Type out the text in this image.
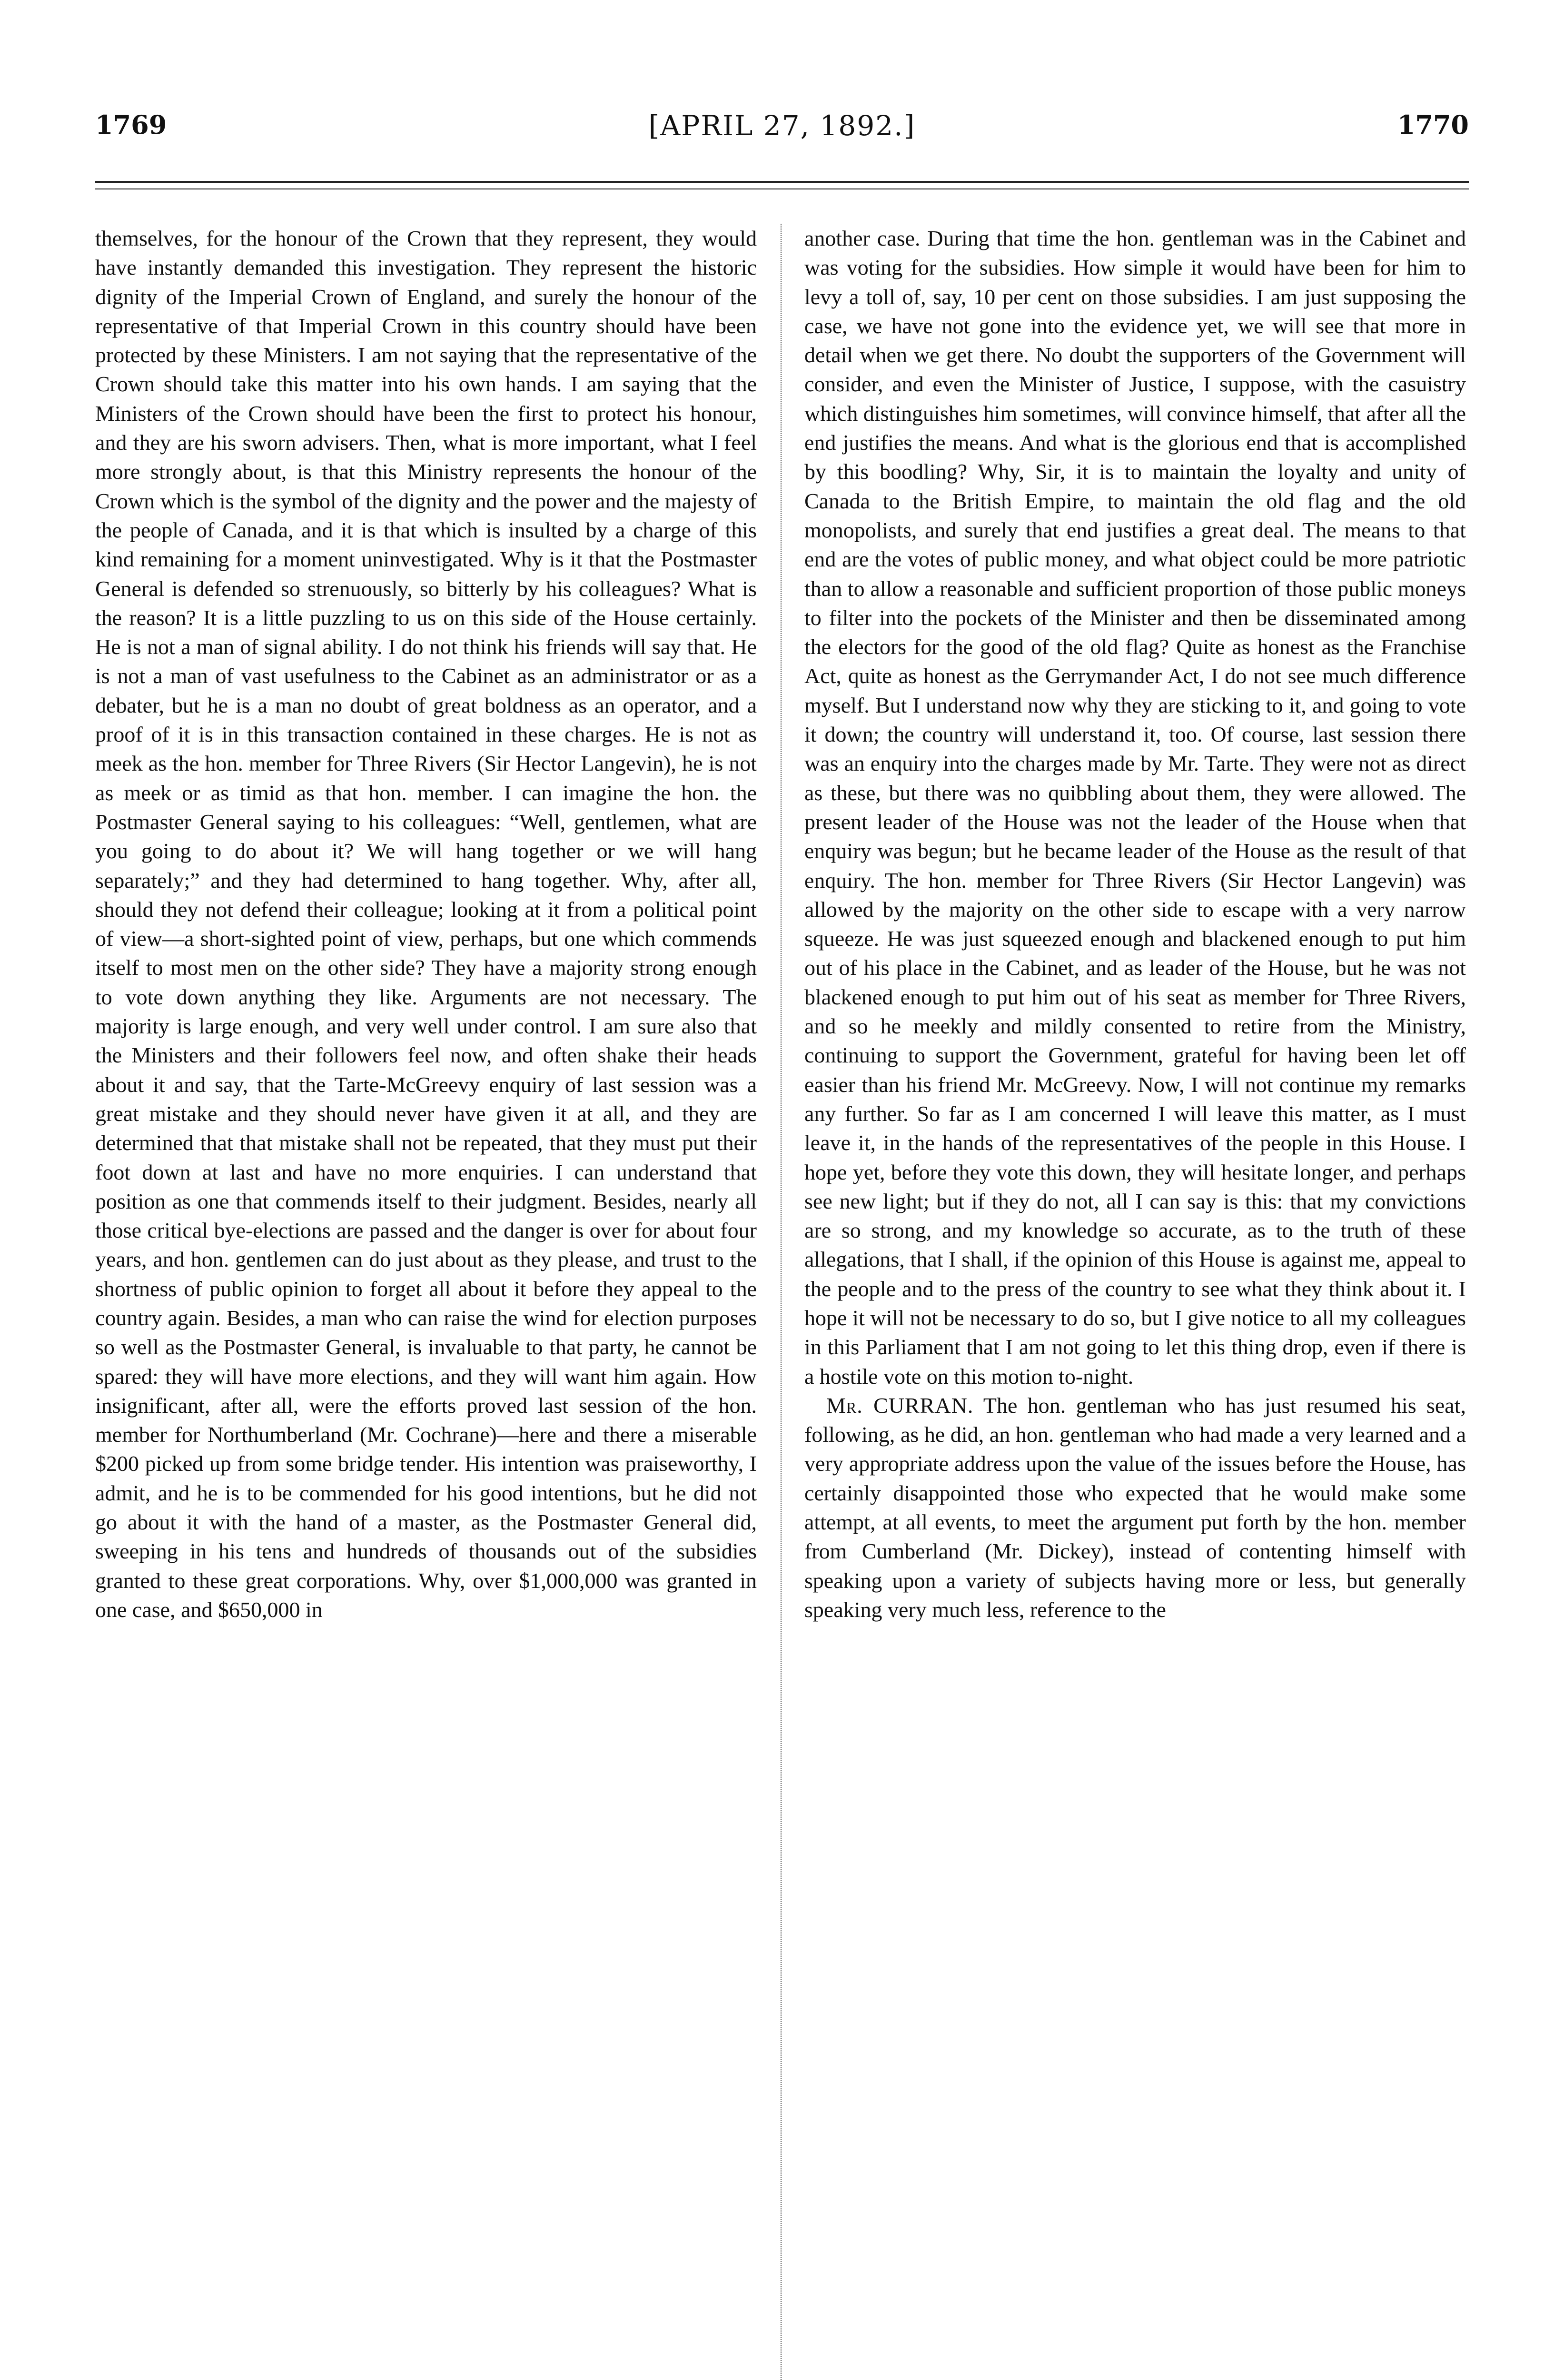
1769	[APRIL 27, 1892.]	1770

themselves, for the honour of the Crown that they represent, they would have instantly demanded this investigation. They represent the historic dignity of the Imperial Crown of England, and surely the honour of the representative of that Imperial Crown in this country should have been protected by these Ministers. I am not saying that the representative of the Crown should take this matter into his own hands. I am saying that the Ministers of the Crown should have been the first to protect his honour, and they are his sworn advisers. Then, what is more important, what I feel more strongly about, is that this Ministry represents the honour of the Crown which is the symbol of the dignity and the power and the majesty of the people of Canada, and it is that which is insulted by a charge of this kind remaining for a moment uninvestigated. Why is it that the Postmaster General is defended so strenuously, so bitterly by his colleagues? What is the reason? It is a little puzzling to us on this side of the House certainly. He is not a man of signal ability. I do not think his friends will say that. He is not a man of vast usefulness to the Cabinet as an administrator or as a debater, but he is a man no doubt of great boldness as an operator, and a proof of it is in this transaction contained in these charges. He is not as meek as the hon. member for Three Rivers (Sir Hector Langevin), he is not as meek or as timid as that hon. member. I can imagine the hon. the Postmaster General saying to his colleagues: “Well, gentlemen, what are you going to do about it? We will hang together or we will hang separately;” and they had determined to hang together. Why, after all, should they not defend their colleague; looking at it from a political point of view—a short-sighted point of view, perhaps, but one which commends itself to most men on the other side? They have a majority strong enough to vote down anything they like. Arguments are not necessary. The majority is large enough, and very well under control. I am sure also that the Ministers and their followers feel now, and often shake their heads about it and say, that the Tarte-McGreevy enquiry of last session was a great mistake and they should never have given it at all, and they are determined that that mistake shall not be repeated, that they must put their foot down at last and have no more enquiries. I can understand that position as one that commends itself to their judgment. Besides, nearly all those critical bye-elections are passed and the danger is over for about four years, and hon. gentlemen can do just about as they please, and trust to the shortness of public opinion to forget all about it before they appeal to the country again. Besides, a man who can raise the wind for election purposes so well as the Postmaster General, is invaluable to that party, he cannot be spared: they will have more elections, and they will want him again. How insignificant, after all, were the efforts proved last session of the hon. member for Northumberland (Mr. Cochrane)—here and there a miserable $200 picked up from some bridge tender. His intention was praiseworthy, I admit, and he is to be commended for his good intentions, but he did not go about it with the hand of a master, as the Postmaster General did, sweeping in his tens and hundreds of thousands out of the subsidies granted to these great corporations. Why, over $1,000,000 was granted in one case, and $650,000 in

another case. During that time the hon. gentleman was in the Cabinet and was voting for the subsidies. How simple it would have been for him to levy a toll of, say, 10 per cent on those subsidies. I am just supposing the case, we have not gone into the evidence yet, we will see that more in detail when we get there. No doubt the supporters of the Government will consider, and even the Minister of Justice, I suppose, with the casuistry which distinguishes him sometimes, will convince himself, that after all the end justifies the means. And what is the glorious end that is accomplished by this boodling? Why, Sir, it is to maintain the loyalty and unity of Canada to the British Empire, to maintain the old flag and the old monopolists, and surely that end justifies a great deal. The means to that end are the votes of public money, and what object could be more patriotic than to allow a reasonable and sufficient proportion of those public moneys to filter into the pockets of the Minister and then be disseminated among the electors for the good of the old flag? Quite as honest as the Franchise Act, quite as honest as the Gerrymander Act, I do not see much difference myself. But I understand now why they are sticking to it, and going to vote it down; the country will understand it, too. Of course, last session there was an enquiry into the charges made by Mr. Tarte. They were not as direct as these, but there was no quibbling about them, they were allowed. The present leader of the House was not the leader of the House when that enquiry was begun; but he became leader of the House as the result of that enquiry. The hon. member for Three Rivers (Sir Hector Langevin) was allowed by the majority on the other side to escape with a very narrow squeeze. He was just squeezed enough and blackened enough to put him out of his place in the Cabinet, and as leader of the House, but he was not blackened enough to put him out of his seat as member for Three Rivers, and so he meekly and mildly consented to retire from the Ministry, continuing to support the Government, grateful for having been let off easier than his friend Mr. McGreevy. Now, I will not continue my remarks any further. So far as I am concerned I will leave this matter, as I must leave it, in the hands of the representatives of the people in this House. I hope yet, before they vote this down, they will hesitate longer, and perhaps see new light; but if they do not, all I can say is this: that my convictions are so strong, and my knowledge so accurate, as to the truth of these allegations, that I shall, if the opinion of this House is against me, appeal to the people and to the press of the country to see what they think about it. I hope it will not be necessary to do so, but I give notice to all my colleagues in this Parliament that I am not going to let this thing drop, even if there is a hostile vote on this motion to-night.

 Mr. CURRAN. The hon. gentleman who has just resumed his seat, following, as he did, an hon. gentleman who had made a very learned and a very appropriate address upon the value of the issues before the House, has certainly disappointed those who expected that he would make some attempt, at all events, to meet the argument put forth by the hon. member from Cumberland (Mr. Dickey), instead of contenting himself with speaking upon a variety of subjects having more or less, but generally speaking very much less, reference to the
